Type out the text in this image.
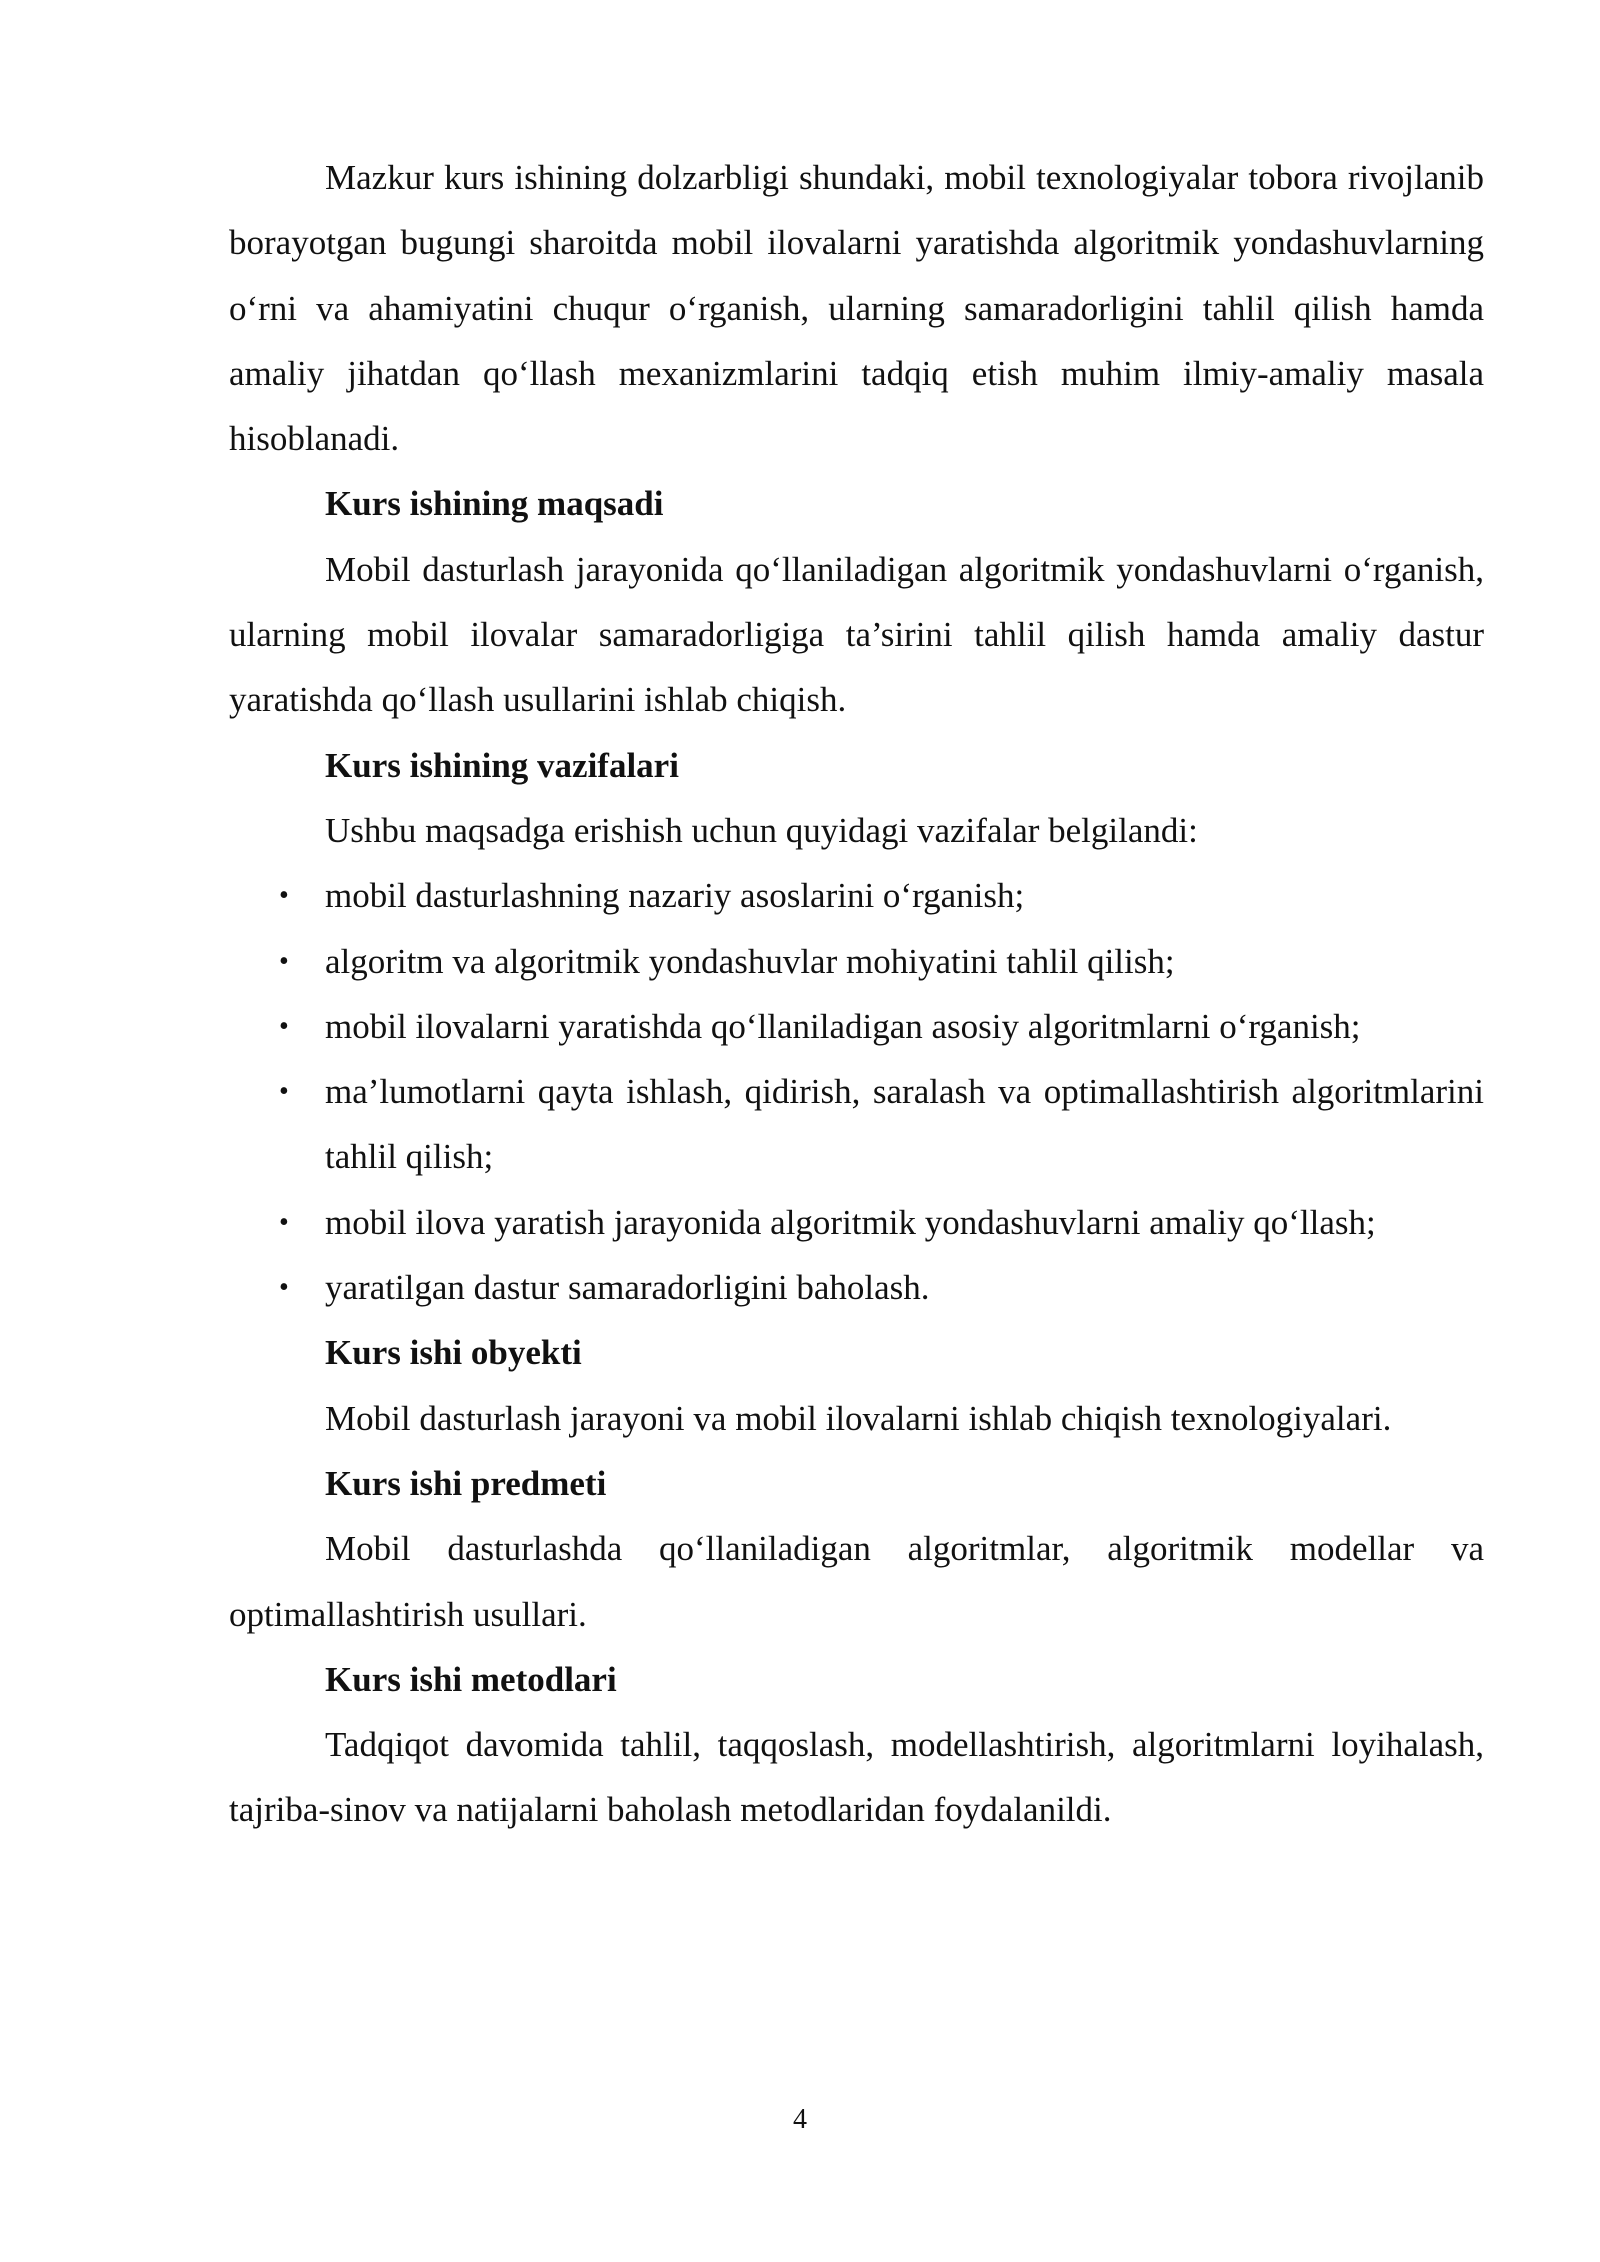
Mazkur kurs ishining dolzarbligi shundaki, mobil texnologiyalar tobora rivojlanib borayotgan bugungi sharoitda mobil ilovalarni yaratishda algoritmik yondashuvlarning o‘rni va ahamiyatini chuqur o‘rganish, ularning samaradorligini tahlil qilish hamda amaliy jihatdan qo‘llash mexanizmlarini tadqiq etish muhim ilmiy-amaliy masala hisoblanadi.

Kurs ishining maqsadi

Mobil dasturlash jarayonida qo‘llaniladigan algoritmik yondashuvlarni o‘rganish, ularning mobil ilovalar samaradorligiga ta’sirini tahlil qilish hamda amaliy dastur yaratishda qo‘llash usullarini ishlab chiqish.

Kurs ishining vazifalari

Ushbu maqsadga erishish uchun quyidagi vazifalar belgilandi:

• mobil dasturlashning nazariy asoslarini o‘rganish;
• algoritm va algoritmik yondashuvlar mohiyatini tahlil qilish;
• mobil ilovalarni yaratishda qo‘llaniladigan asosiy algoritmlarni o‘rganish;
• ma’lumotlarni qayta ishlash, qidirish, saralash va optimallashtirish algoritmlarini tahlil qilish;
• mobil ilova yaratish jarayonida algoritmik yondashuvlarni amaliy qo‘llash;
• yaratilgan dastur samaradorligini baholash.

Kurs ishi obyekti

Mobil dasturlash jarayoni va mobil ilovalarni ishlab chiqish texnologiyalari.

Kurs ishi predmeti

Mobil dasturlashda qo‘llaniladigan algoritmlar, algoritmik modellar va optimallashtirish usullari.

Kurs ishi metodlari

Tadqiqot davomida tahlil, taqqoslash, modellashtirish, algoritmlarni loyihalash, tajriba-sinov va natijalarni baholash metodlaridan foydalanildi.

4
